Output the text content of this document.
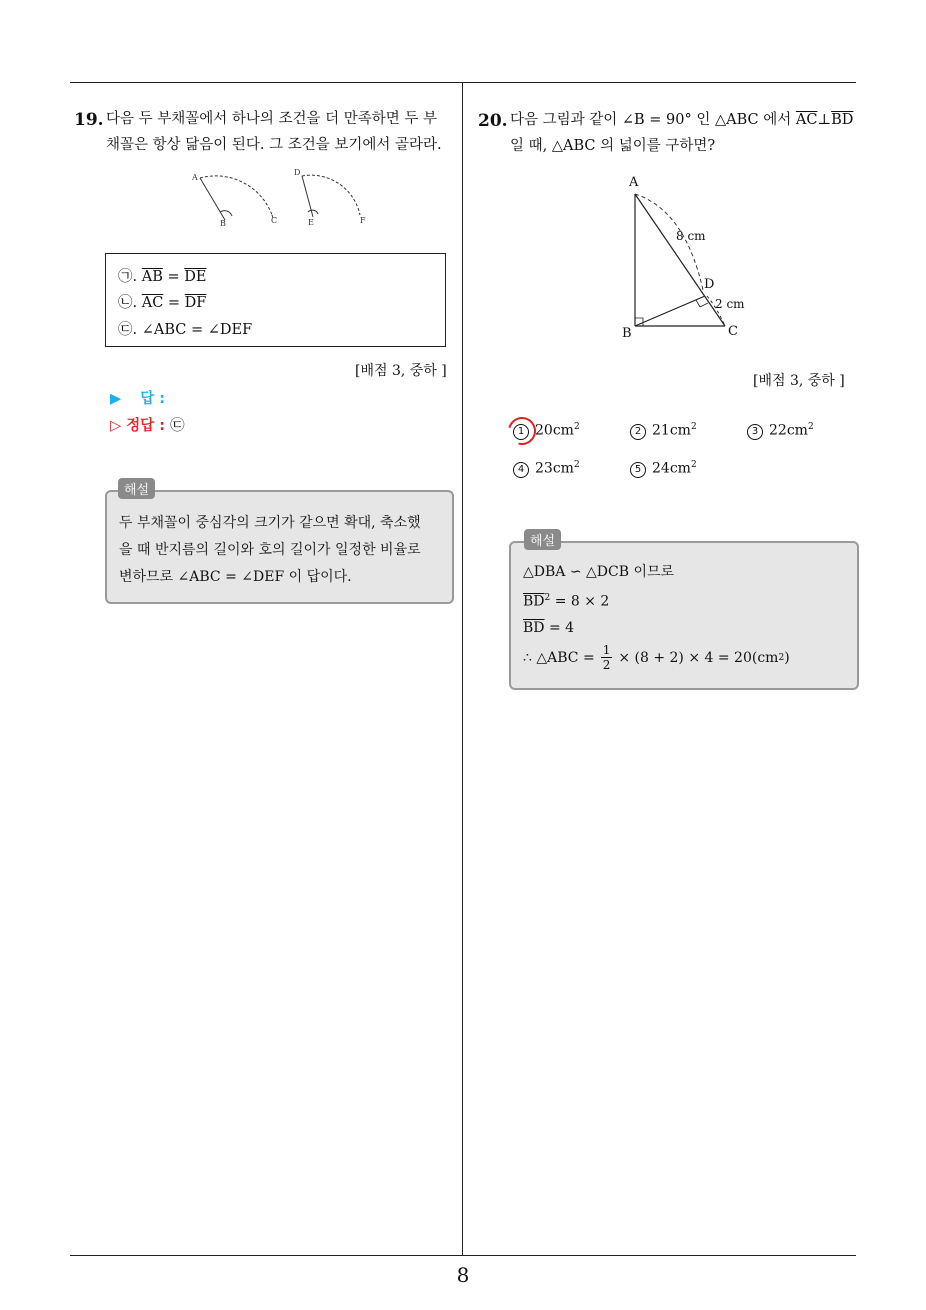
8
19. 다음 두 부채꼴에서 하나의 조건을 더 만족하면 두 부
채꼴은 항상 닮음이 된다. 그 조건을 보기에서 골라라.
A
B	C
D
E	F
㉠. $\overline{AB} = \overline{DE}$
㉡. $\overline{AC} = \overline{DF}$
㉢. ∠ABC = ∠DEF
[배점 3, 중하 ]
▶ 답 :
▷ 정답 : ㉢
두 부채꼴이 중심각의 크기가 같으면 확대, 축소했
을 때 반지름의 길이와 호의 길이가 일정한 비율로
변하므로 ∠ABC = ∠DEF 이 답이다.
해설
20. 다음 그림과 같이 ∠B = 90° 인 △ABC 에서 $\overline{AC}\perp\overline{BD}$
일 때, △ABC 의 넓이를 구하면?
A
B	C
D
8 cm
2 cm
[배점 3, 중하 ]
1 $20cm^2$	2 $21cm^2$	3 $22cm^2$
4 $23cm^2$	5 $24cm^2$
△DBA ∽ △DCB 이므로
$\overline{BD}^2 = 8 \times 2$
$\overline{BD} = 4$
∴ △ABC = $\frac{1}{2} \times (8 + 2) \times 4 = 20(cm$ 2 )
해설
